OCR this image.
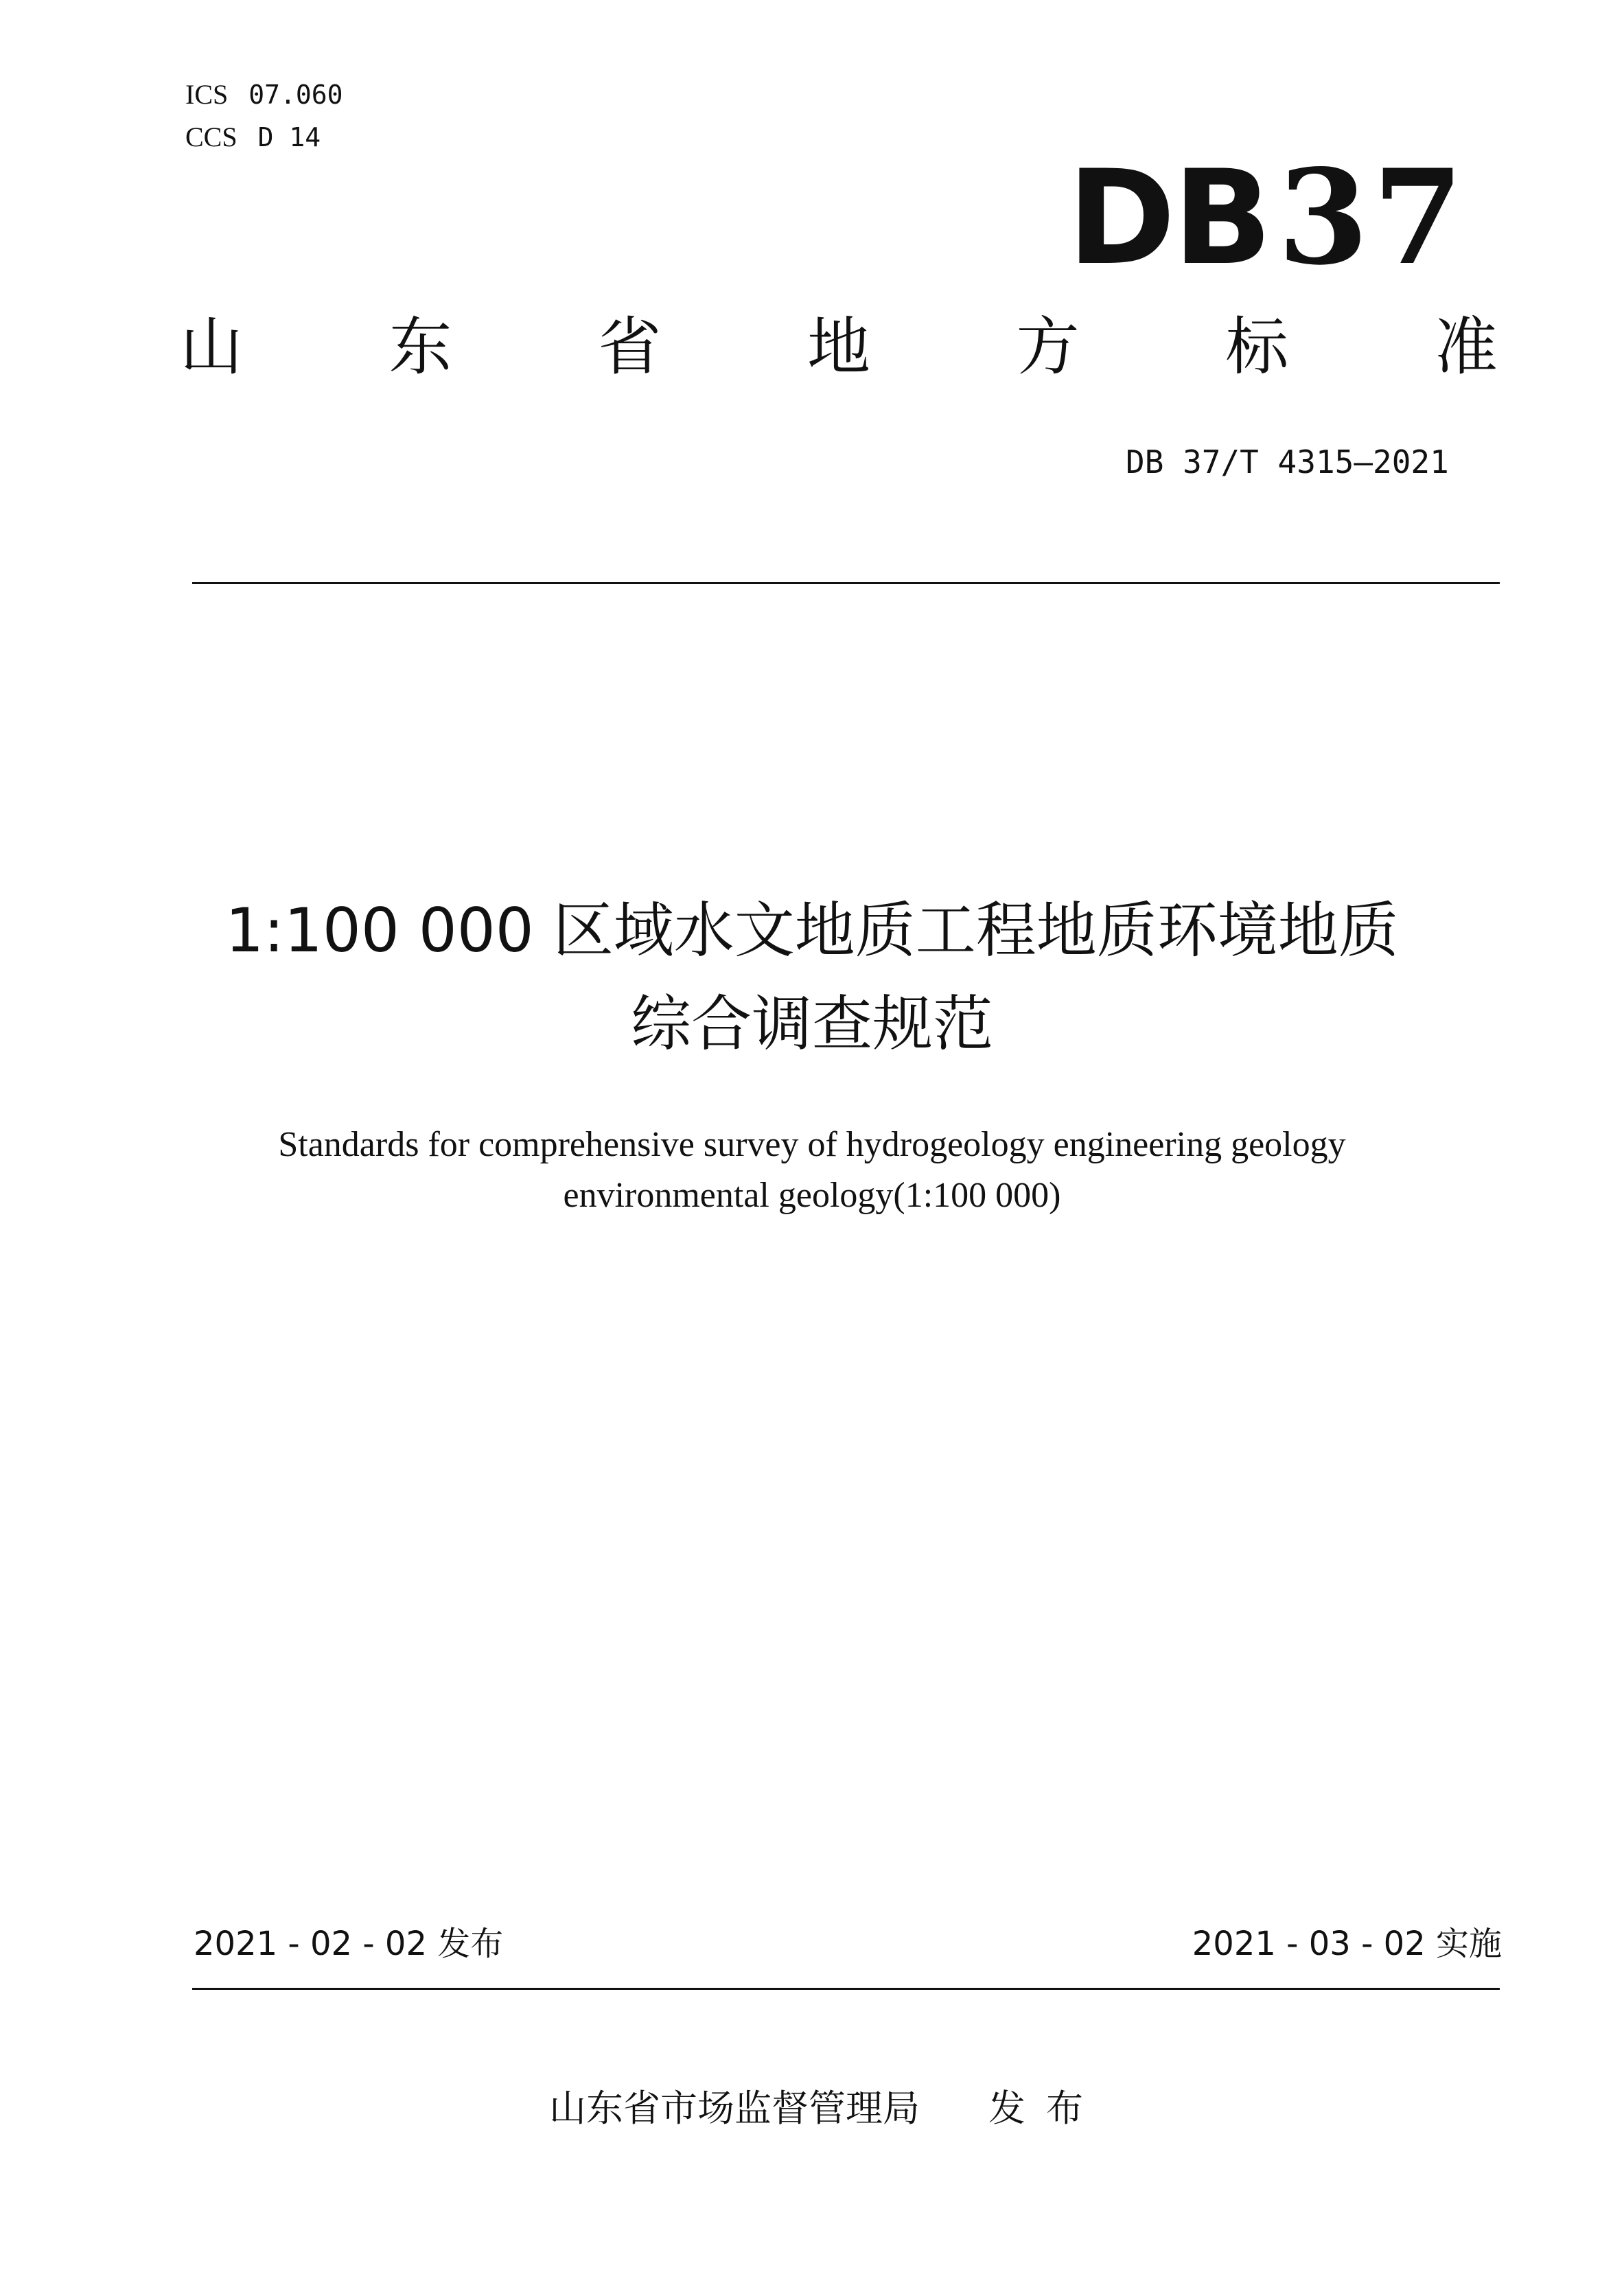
ICS 07.060
CCS D 14
DB37
山 东 省 地 方 标 准
DB 37/T 4315—2021
1:100 000 区域水文地质工程地质环境地质
综合调查规范
Standards for comprehensive survey of hydrogeology engineering geology
environmental geology(1:100 000)
2021 - 02 - 02 发布	2021 - 03 - 02 实施
山东省市场监督管理局 发布
